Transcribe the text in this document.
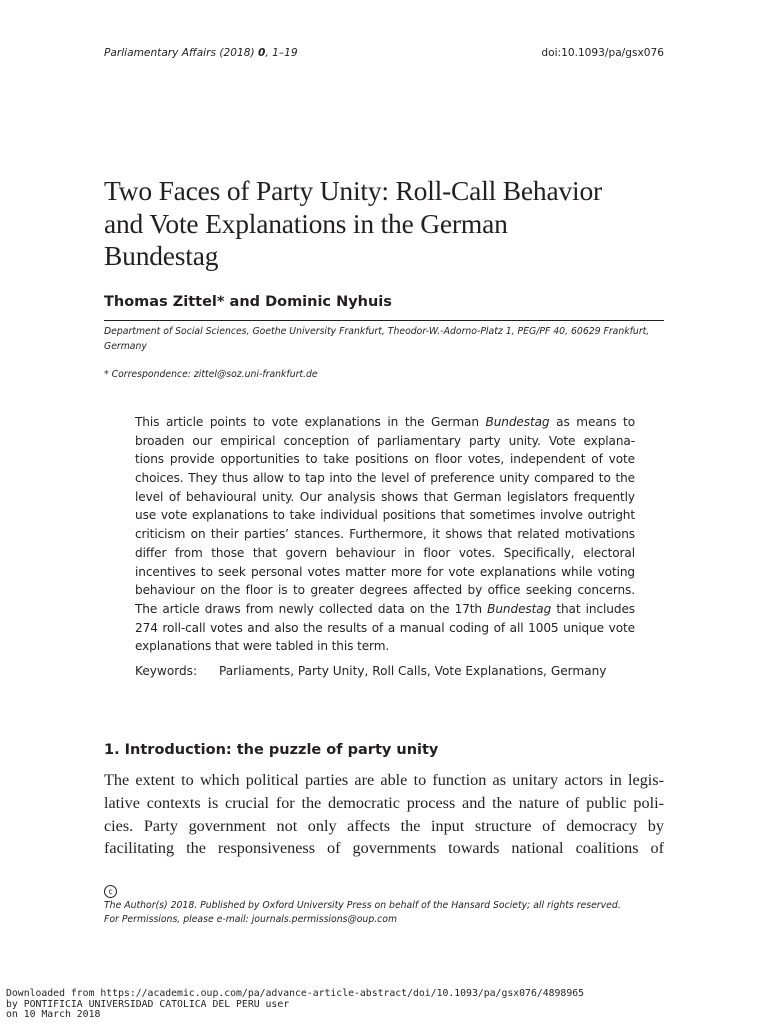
Parliamentary Affairs (2018) 0, 1–19	doi:10.1093/pa/gsx076
Two Faces of Party Unity: Roll-Call Behavior
and Vote Explanations in the German
Bundestag
Thomas Zittel* and Dominic Nyhuis
Department of Social Sciences, Goethe University Frankfurt, Theodor-W.-Adorno-Platz 1, PEG/PF 40, 60629 Frankfurt,
Germany
* Correspondence: zittel@soz.uni-frankfurt.de
This article points to vote explanations in the German Bundestag as means to
broaden our empirical conception of parliamentary party unity. Vote explana-
tions provide opportunities to take positions on floor votes, independent of vote
choices. They thus allow to tap into the level of preference unity compared to the
level of behavioural unity. Our analysis shows that German legislators frequently
use vote explanations to take individual positions that sometimes involve outright
criticism on their parties’ stances. Furthermore, it shows that related motivations
differ from those that govern behaviour in floor votes. Specifically, electoral
incentives to seek personal votes matter more for vote explanations while voting
behaviour on the floor is to greater degrees affected by office seeking concerns.
The article draws from newly collected data on the 17th Bundestag that includes
274 roll-call votes and also the results of a manual coding of all 1005 unique vote
explanations that were tabled in this term.
Keywords: Parliaments, Party Unity, Roll Calls, Vote Explanations, Germany
1. Introduction: the puzzle of party unity
The extent to which political parties are able to function as unitary actors in legis-
lative contexts is crucial for the democratic process and the nature of public poli-
cies. Party government not only affects the input structure of democracy by
facilitating the responsiveness of governments towards national coalitions of
c
The Author(s) 2018. Published by Oxford University Press on behalf of the Hansard Society; all rights reserved.
For Permissions, please e-mail: journals.permissions@oup.com
Downloaded from https://academic.oup.com/pa/advance-article-abstract/doi/10.1093/pa/gsx076/4898965
by PONTIFICIA UNIVERSIDAD CATOLICA DEL PERU user
on 10 March 2018
